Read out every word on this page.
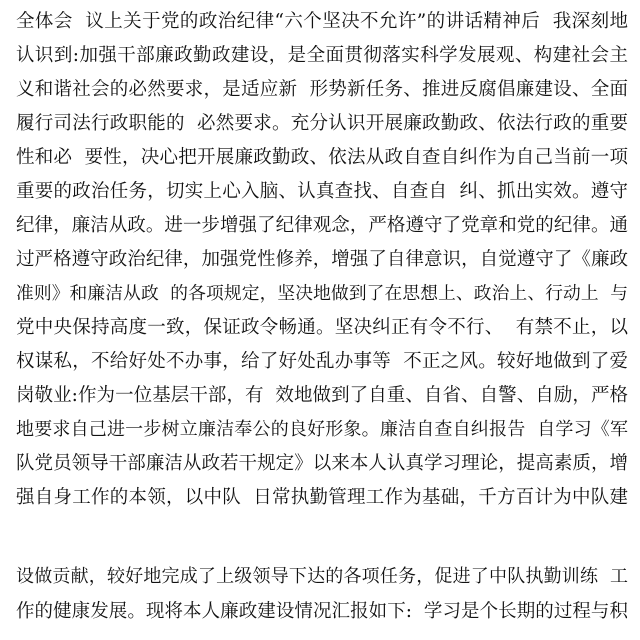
全体会  议上关于党的政治纪律“六个坚决不允许”的讲话精神后  我深刻地
认识到:加强干部廉政勤政建设，是全面贯彻落实科学发展观、构建社会主
义和谐社会的必然要求，是适应新  形势新任务、推进反腐倡廉建设、全面
履行司法行政职能的  必然要求。充分认识开展廉政勤政、依法行政的重要
性和必  要性，决心把开展廉政勤政、依法从政自查自纠作为自己当前一项
重要的政治任务，切实上心入脑、认真查找、自查自  纠、抓出实效。遵守
纪律，廉洁从政。进一步增强了纪律观念，严格遵守了党章和党的纪律。通
过严格遵守政治纪律，加强党性修养，增强了自律意识，自觉遵守了《廉政
准则》和廉洁从政  的各项规定，坚决地做到了在思想上、政治上、行动上  与
党中央保持高度一致，保证政令畅通。坚决纠正有令不行、  有禁不止，以
权谋私，不给好处不办事，给了好处乱办事等  不正之风。较好地做到了爱
岗敬业:作为一位基层干部，有  效地做到了自重、自省、自警、自励，严格
地要求自己进一步树立廉洁奉公的良好形象。廉洁自查自纠报告  自学习《军
队党员领导干部廉洁从政若干规定》以来本人认真学习理论，提高素质，增
强自身工作的本领，以中队  日常执勤管理工作为基础，千方百计为中队建
设做贡献，较好地完成了上级领导下达的各项任务，促进了中队执勤训练  工
作的健康发展。现将本人廉政建设情况汇报如下:  学习是个长期的过程与积
